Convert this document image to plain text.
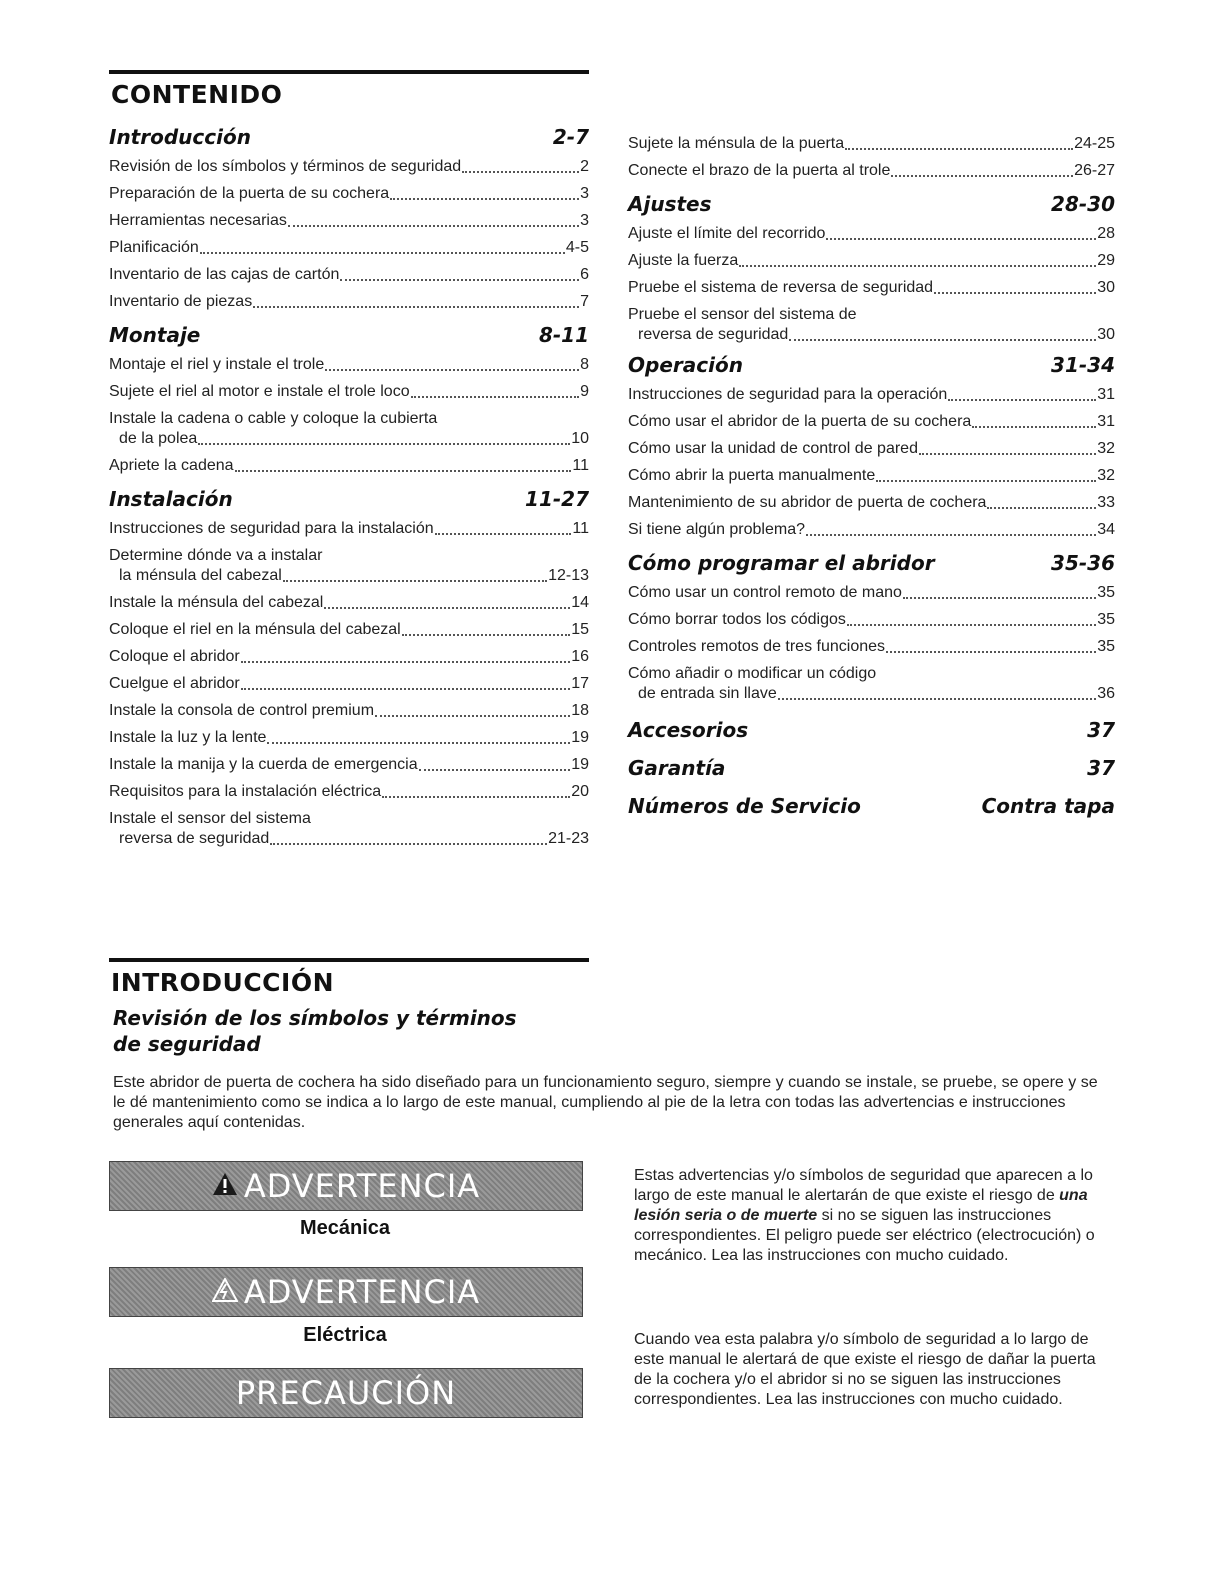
CONTENIDO
Introducción	2-7
Revisión de los símbolos y términos de seguridad	2
Preparación de la puerta de su cochera	3
Herramientas necesarias	3
Planificación	4-5
Inventario de las cajas de cartón	6
Inventario de piezas	7
Montaje	8-11
Montaje el riel y instale el trole	8
Sujete el riel al motor e instale el trole loco	9
Instale la cadena o cable y coloque la cubierta
de la polea	10
Apriete la cadena	11
Instalación	11-27
Instrucciones de seguridad para la instalación	11
Determine dónde va a instalar
la ménsula del cabezal	12-13
Instale la ménsula del cabezal	14
Coloque el riel en la ménsula del cabezal	15
Coloque el abridor	16
Cuelgue el abridor	17
Instale la consola de control premium	18
Instale la luz y la lente	19
Instale la manija y la cuerda de emergencia	19
Requisitos para la instalación eléctrica	20
Instale el sensor del sistema
reversa de seguridad	21-23
Sujete la ménsula de la puerta	24-25
Conecte el brazo de la puerta al trole	26-27
Ajustes	28-30
Ajuste el límite del recorrido	28
Ajuste la fuerza	29
Pruebe el sistema de reversa de seguridad	30
Pruebe el sensor del sistema de
reversa de seguridad	30
Operación	31-34
Instrucciones de seguridad para la operación	31
Cómo usar el abridor de la puerta de su cochera	31
Cómo usar la unidad de control de pared	32
Cómo abrir la puerta manualmente	32
Mantenimiento de su abridor de puerta de cochera	33
Si tiene algún problema?	34
Cómo programar el abridor	35-36
Cómo usar un control remoto de mano	35
Cómo borrar todos los códigos	35
Controles remotos de tres funciones	35
Cómo añadir o modificar un código
de entrada sin llave	36
Accesorios	37
Garantía	37
Números de Servicio	Contra tapa
INTRODUCCIÓN
Revisión de los símbolos y términos
de seguridad
Este abridor de puerta de cochera ha sido diseñado para un funcionamiento seguro, siempre y cuando se instale, se pruebe, se opere y se le dé mantenimiento como se indica a lo largo de este manual, cumpliendo al pie de la letra con todas las advertencias e instrucciones generales aquí contenidas.
ADVERTENCIA
Mecánica
ADVERTENCIA
Eléctrica
PRECAUCIÓN
Estas advertencias y/o símbolos de seguridad que aparecen a lo largo de este manual le alertarán de que existe el riesgo de una lesión seria o de muerte si no se siguen las instrucciones correspondientes. El peligro puede ser eléctrico (electrocución) o mecánico. Lea las instrucciones con mucho cuidado.
Cuando vea esta palabra y/o símbolo de seguridad a lo largo de este manual le alertará de que existe el riesgo de dañar la puerta de la cochera y/o el abridor si no se siguen las instrucciones correspondientes. Lea las instrucciones con mucho cuidado.
